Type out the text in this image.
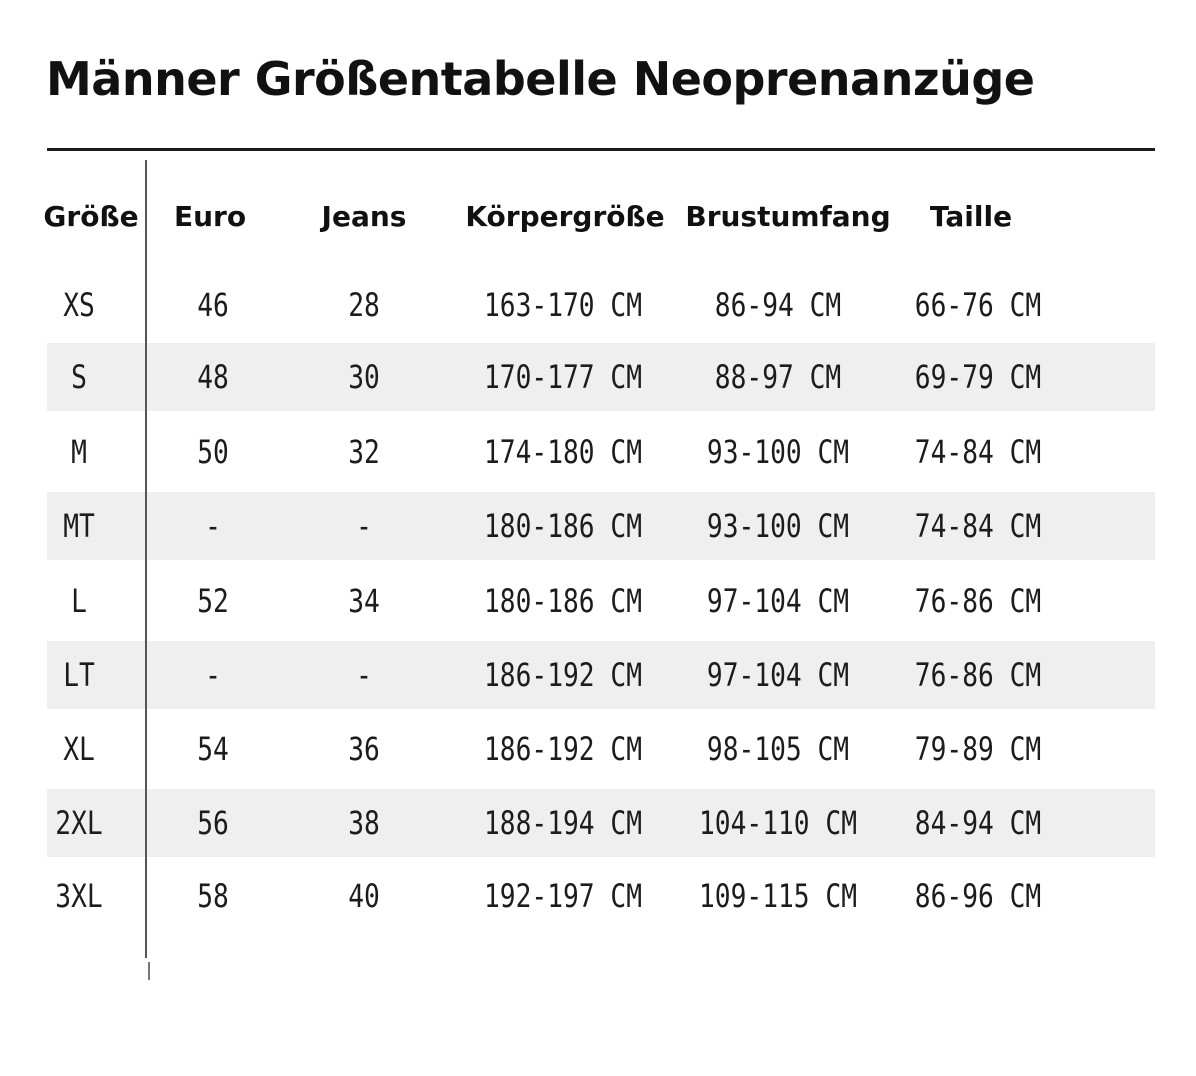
Männer Größentabelle Neoprenanzüge
Größe Euro	Jeans Körpergröße Brustumfang Taille
XS	46	28	163-170 CM 86-94 CM 66-76 CM
S	48	30	170-177 CM 88-97 CM 69-79 CM
M	50	32	174-180 CM 93-100 CM 74-84 CM
MT	-	-	180-186 CM 93-100 CM 74-84 CM
L	52	34	180-186 CM 97-104 CM 76-86 CM
LT	-	-	186-192 CM 97-104 CM 76-86 CM
XL	54	36	186-192 CM 98-105 CM 79-89 CM
2XL	56	38	188-194 CM 104-110 CM 84-94 CM
3XL	58	40	192-197 CM 109-115 CM 86-96 CM
